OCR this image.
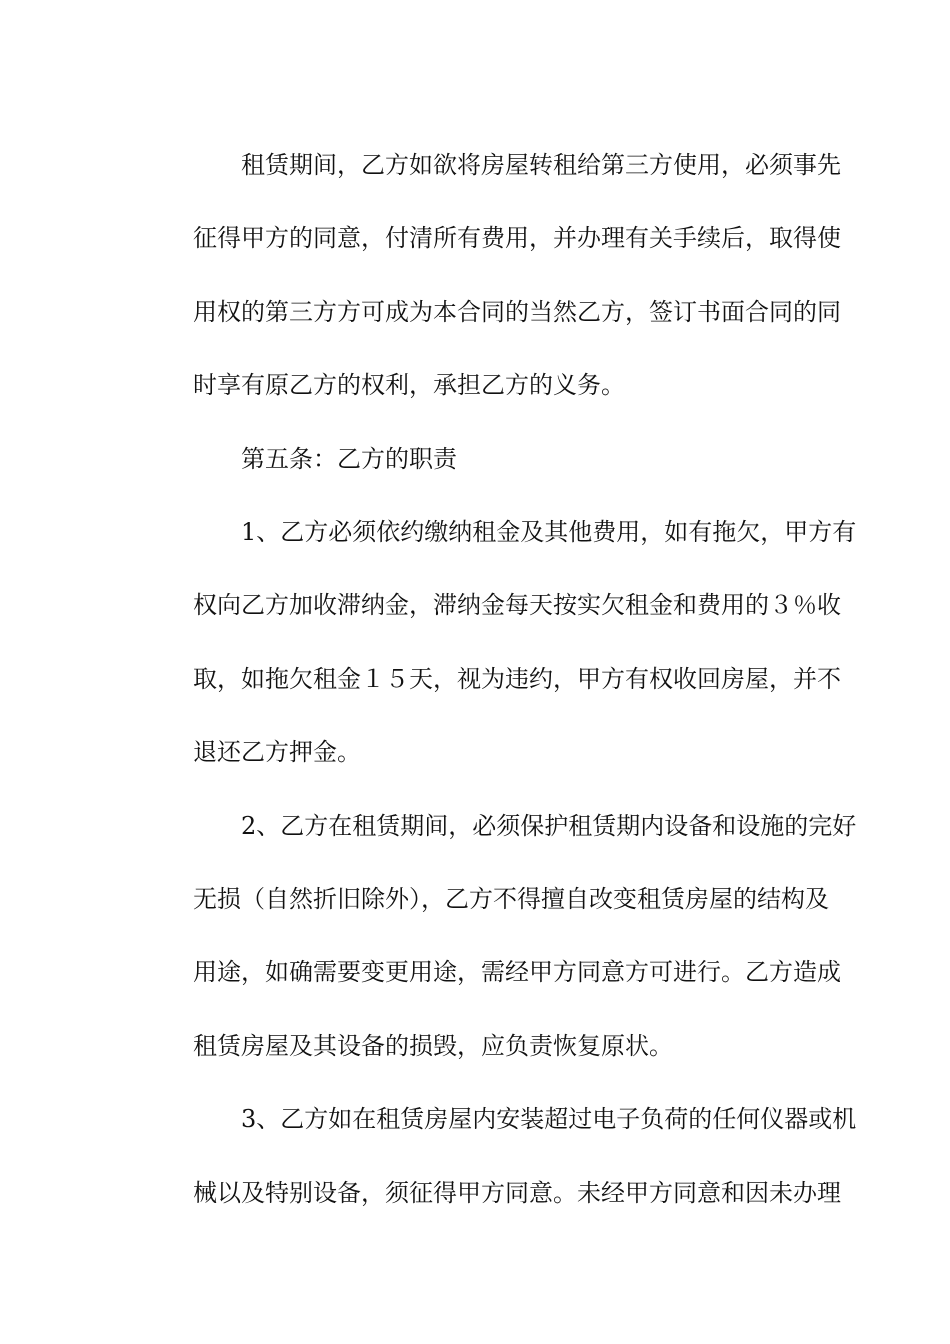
租赁期间，乙方如欲将房屋转租给第三方使用，必须事先
征得甲方的同意，付清所有费用，并办理有关手续后，取得使
用权的第三方方可成为本合同的当然乙方，签订书面合同的同
时享有原乙方的权利，承担乙方的义务。
第五条：乙方的职责
1、乙方必须依约缴纳租金及其他费用，如有拖欠，甲方有
权向乙方加收滞纳金，滞纳金每天按实欠租金和费用的３％收
取，如拖欠租金１５天，视为违约，甲方有权收回房屋，并不
退还乙方押金。
2、乙方在租赁期间，必须保护租赁期内设备和设施的完好
无损（自然折旧除外），乙方不得擅自改变租赁房屋的结构及
用途，如确需要变更用途，需经甲方同意方可进行。乙方造成
租赁房屋及其设备的损毁，应负责恢复原状。
3、乙方如在租赁房屋内安装超过电子负荷的任何仪器或机
械以及特别设备，须征得甲方同意。未经甲方同意和因未办理
